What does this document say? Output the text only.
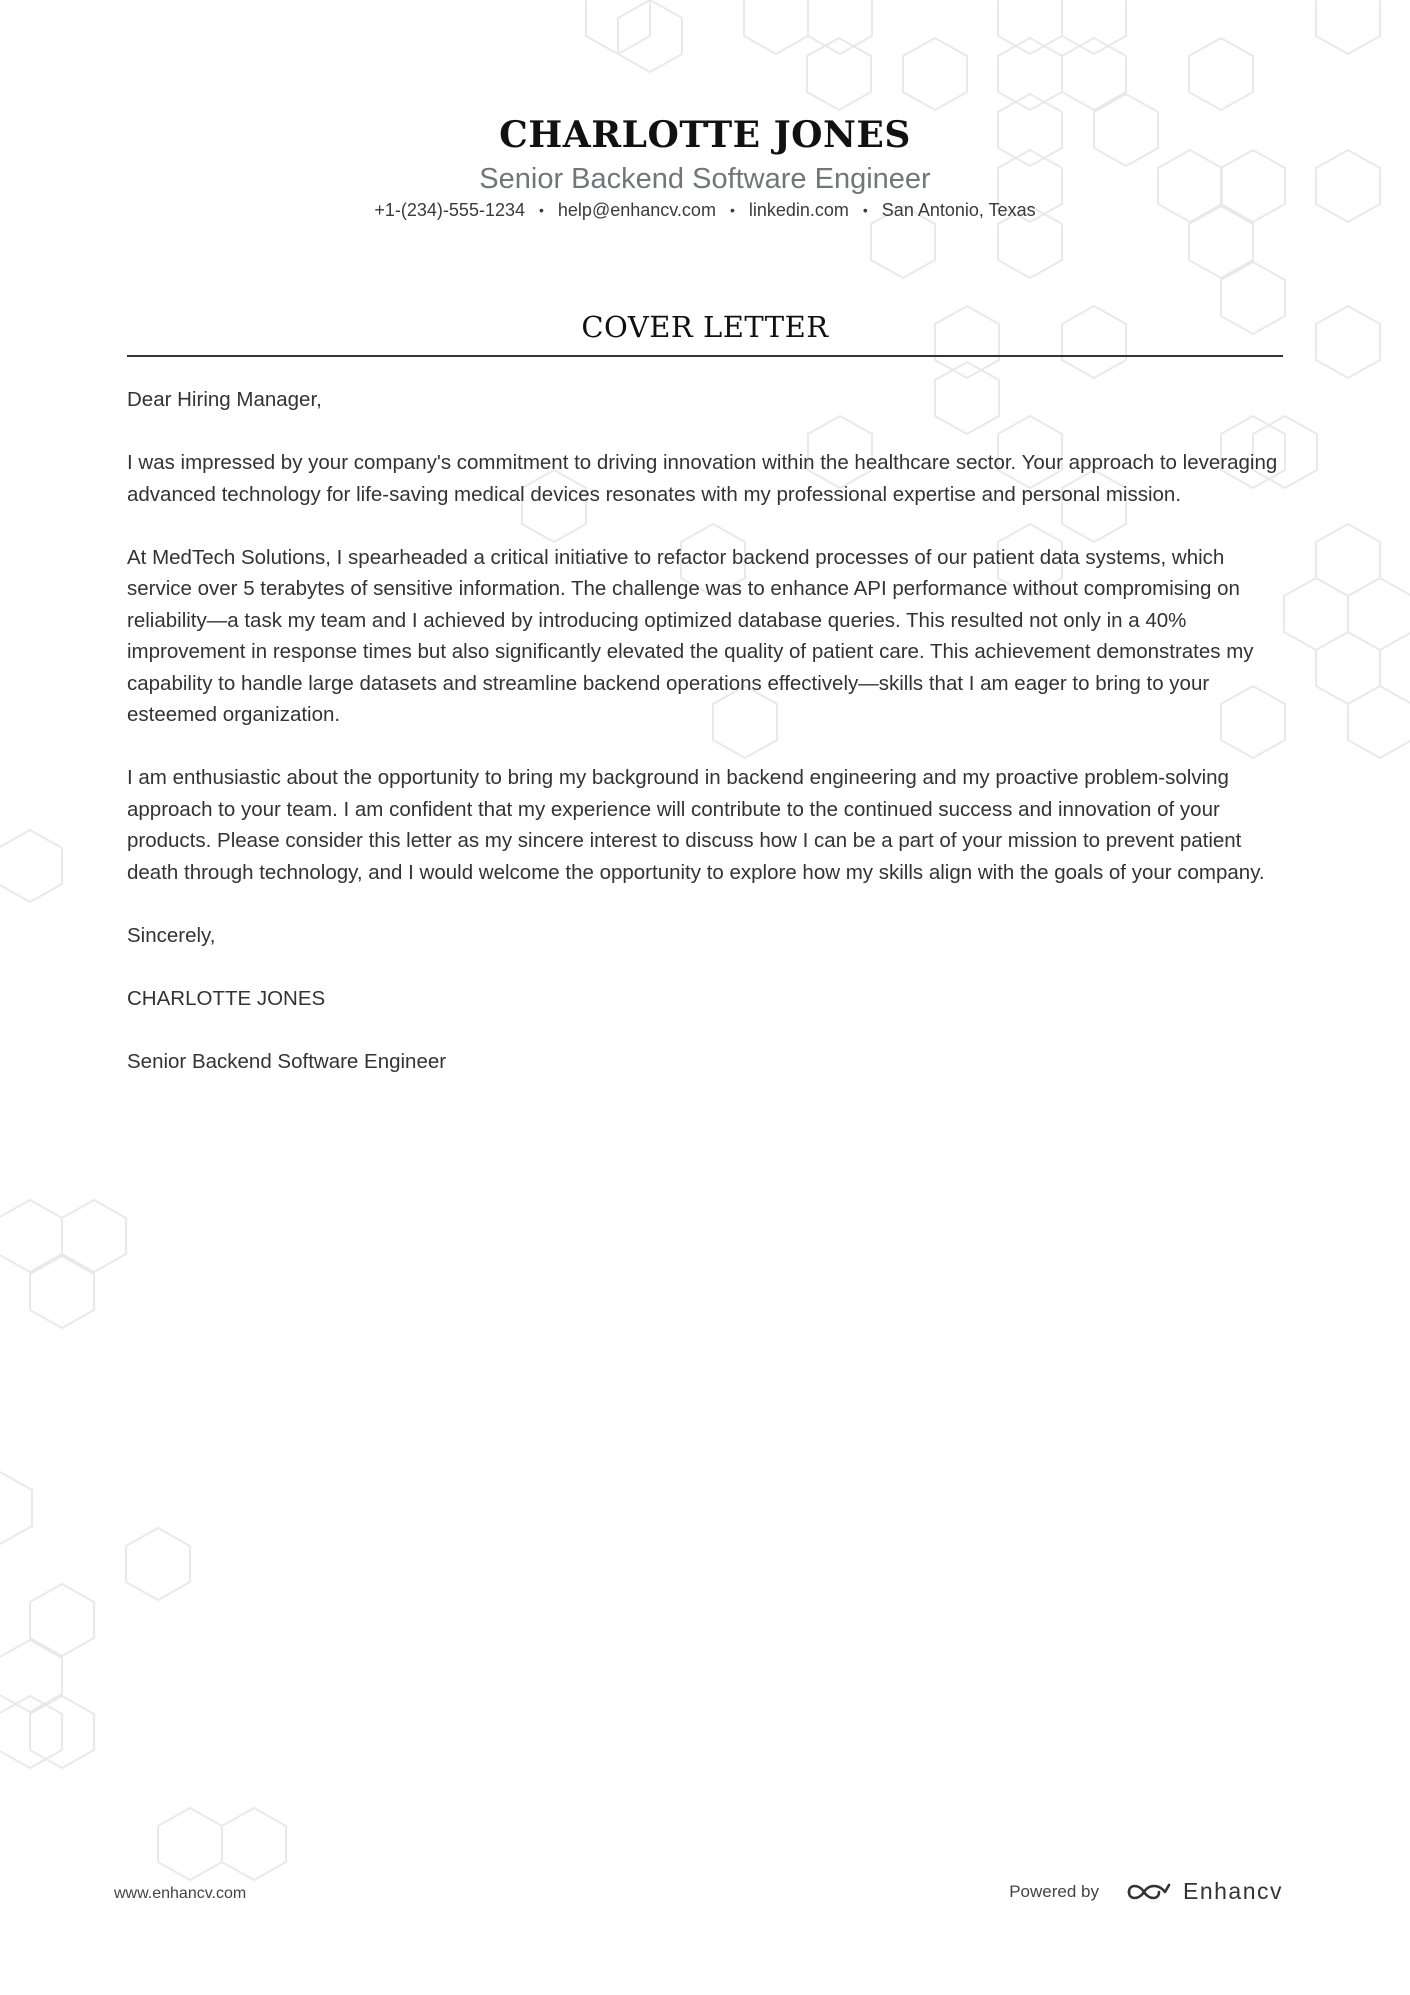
CHARLOTTE JONES
Senior Backend Software Engineer
+1-(234)-555-1234 • help@enhancv.com • linkedin.com • San Antonio, Texas
COVER LETTER

Dear Hiring Manager,

I was impressed by your company's commitment to driving innovation within the healthcare sector. Your approach to leveraging advanced technology for life-saving medical devices resonates with my professional expertise and personal mission.

At MedTech Solutions, I spearheaded a critical initiative to refactor backend processes of our patient data systems, which service over 5 terabytes of sensitive information. The challenge was to enhance API performance without compromising on reliability—a task my team and I achieved by introducing optimized database queries. This resulted not only in a 40% improvement in response times but also significantly elevated the quality of patient care. This achievement demonstrates my capability to handle large datasets and streamline backend operations effectively—skills that I am eager to bring to your esteemed organization.

I am enthusiastic about the opportunity to bring my background in backend engineering and my proactive problem-solving approach to your team. I am confident that my experience will contribute to the continued success and innovation of your products. Please consider this letter as my sincere interest to discuss how I can be a part of your mission to prevent patient death through technology, and I would welcome the opportunity to explore how my skills align with the goals of your company.

Sincerely,

CHARLOTTE JONES

Senior Backend Software Engineer

www.enhancv.com	Powered by	Enhancv
